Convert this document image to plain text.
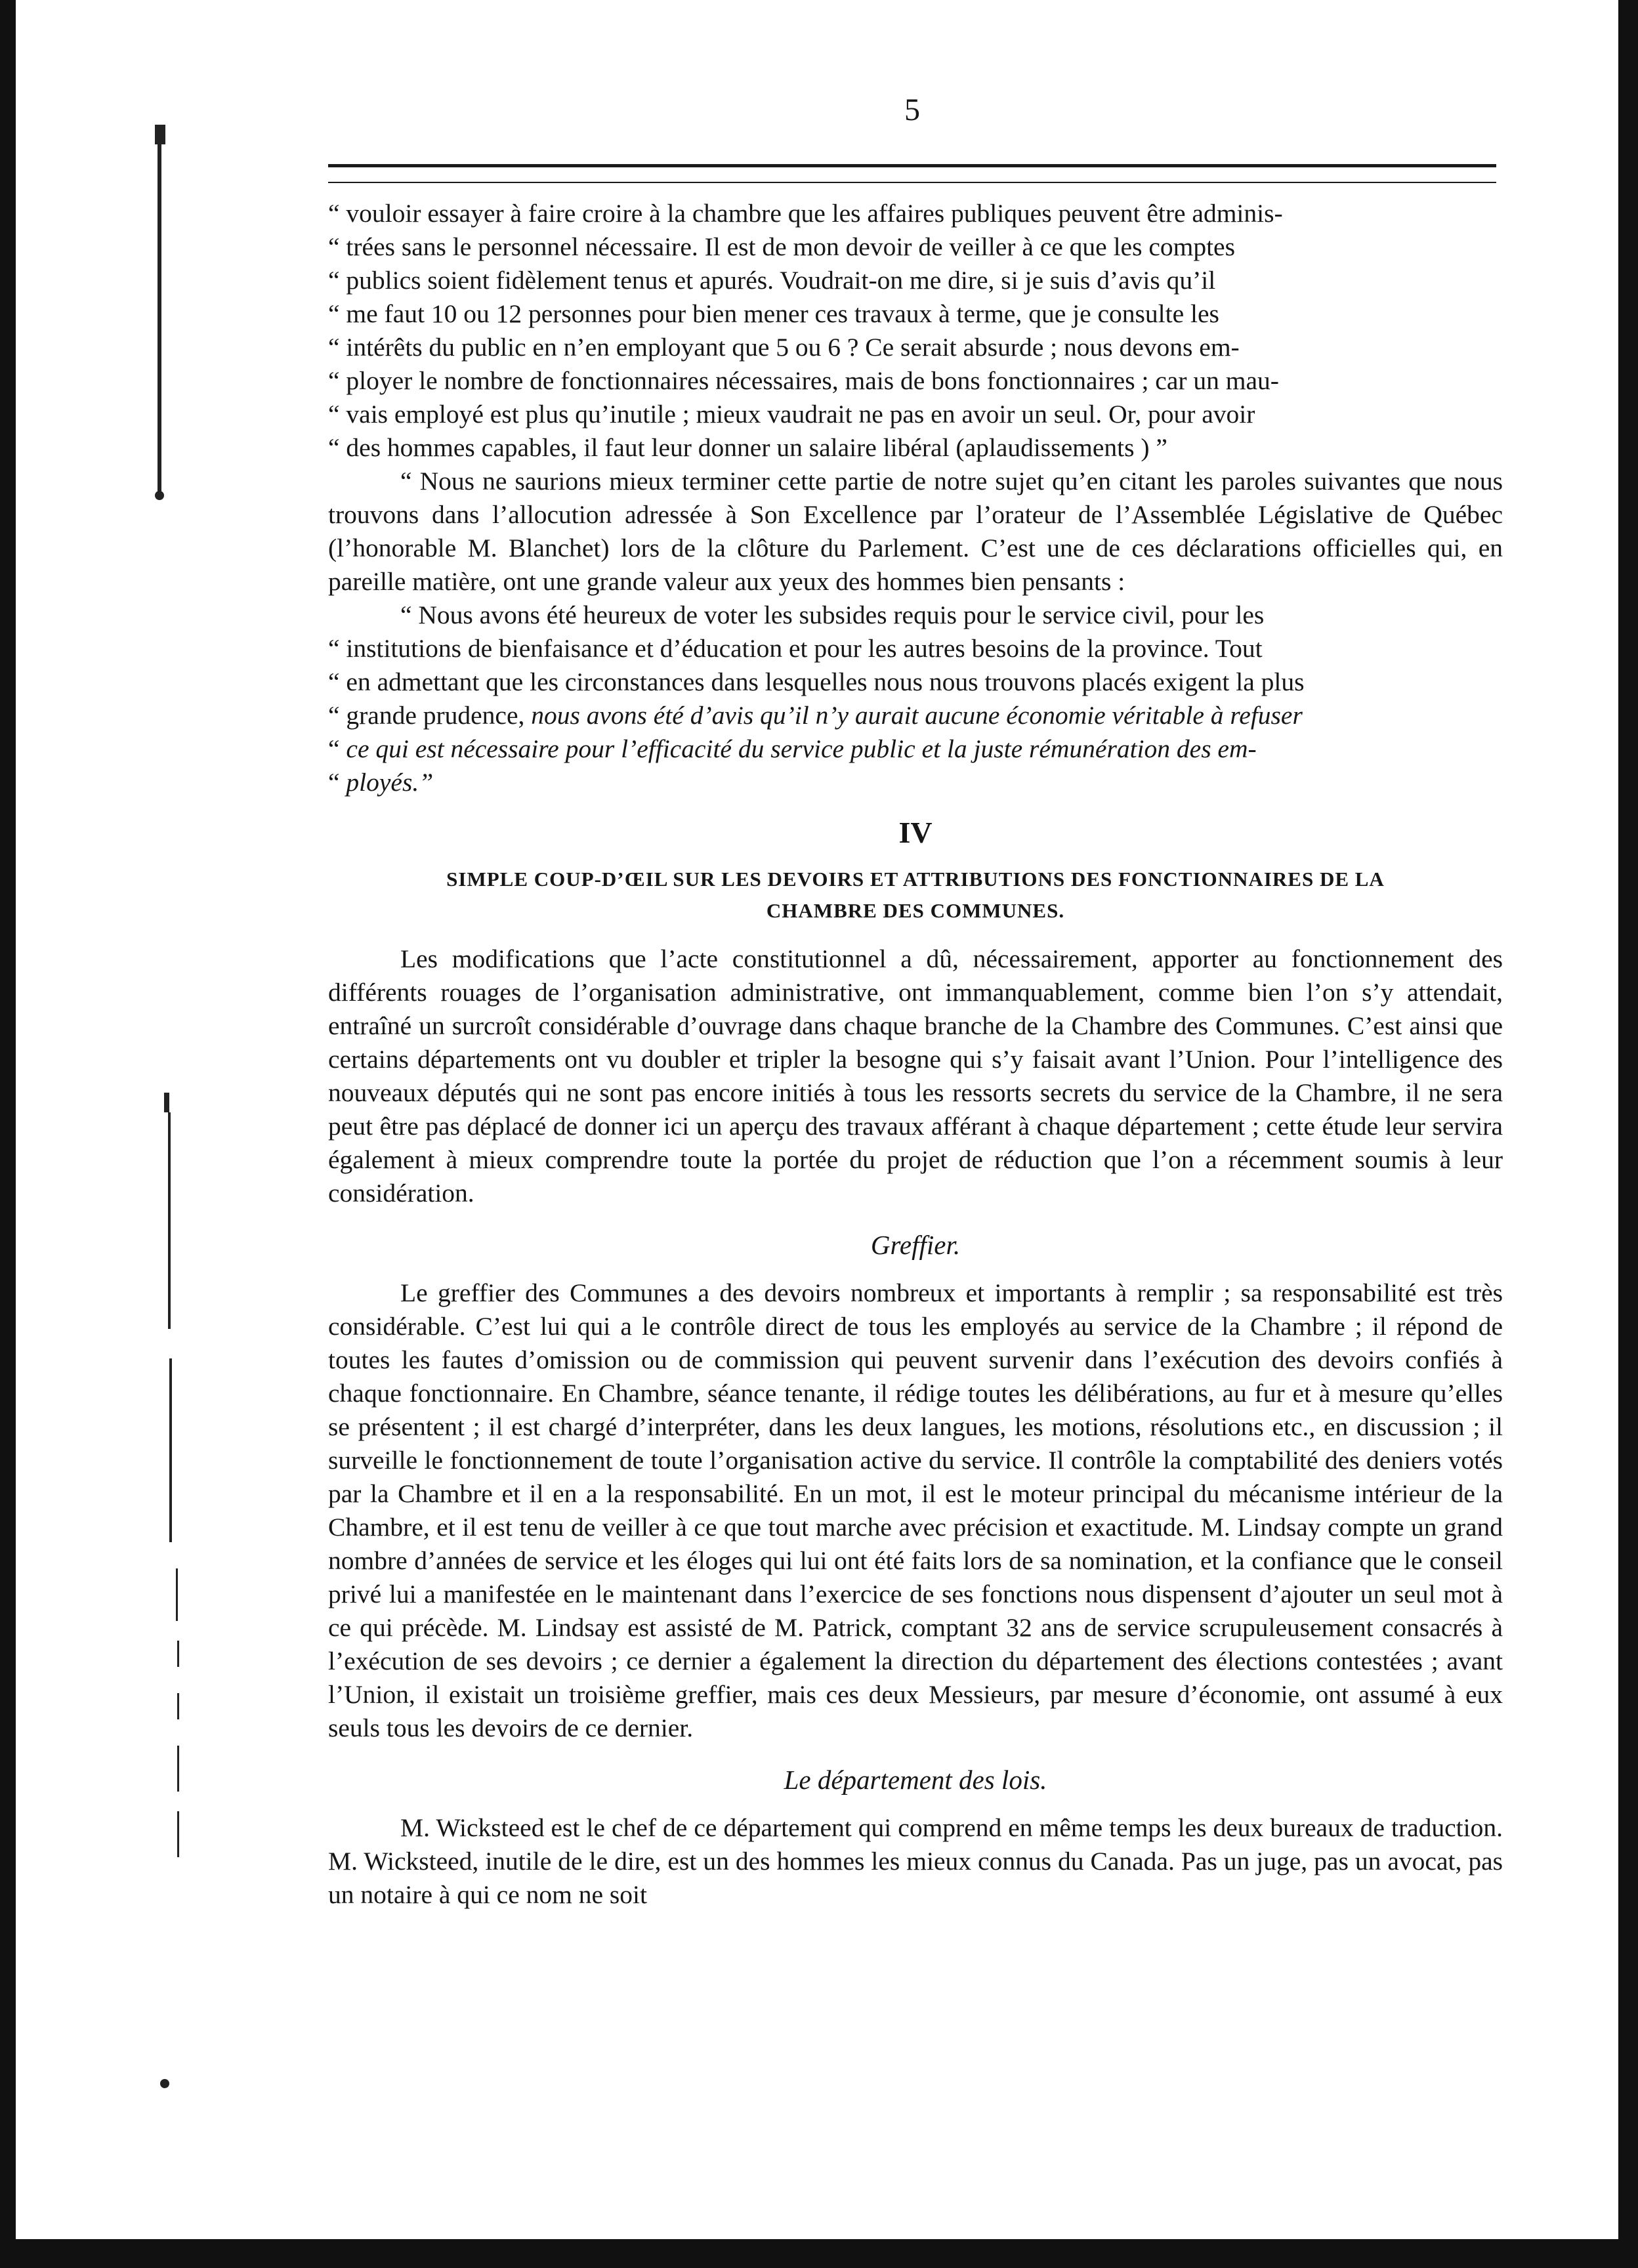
5
“ vouloir essayer à faire croire à la chambre que les affaires publiques peuvent être adminis-
“ trées sans le personnel nécessaire. Il est de mon devoir de veiller à ce que les comptes
“ publics soient fidèlement tenus et apurés. Voudrait-on me dire, si je suis d’avis qu’il
“ me faut 10 ou 12 personnes pour bien mener ces travaux à terme, que je consulte les
“ intérêts du public en n’en employant que 5 ou 6 ? Ce serait absurde ; nous devons em-
“ ployer le nombre de fonctionnaires nécessaires, mais de bons fonctionnaires ; car un mau-
“ vais employé est plus qu’inutile ; mieux vaudrait ne pas en avoir un seul. Or, pour avoir
“ des hommes capables, il faut leur donner un salaire libéral (aplaudissements ) ”

“ Nous ne saurions mieux terminer cette partie de notre sujet qu’en citant les paroles suivantes que nous trouvons dans l’allocution adressée à Son Excellence par l’orateur de l’Assemblée Législative de Québec (l’honorable M. Blanchet) lors de la clôture du Parlement. C’est une de ces déclarations officielles qui, en pareille matière, ont une grande valeur aux yeux des hommes bien pensants :

“ Nous avons été heureux de voter les subsides requis pour le service civil, pour les
“ institutions de bienfaisance et d’éducation et pour les autres besoins de la province. Tout
“ en admettant que les circonstances dans lesquelles nous nous trouvons placés exigent la plus
“ grande prudence, nous avons été d’avis qu’il n’y aurait aucune économie véritable à refuser
“ ce qui est nécessaire pour l’efficacité du service public et la juste rémunération des em-
“ ployés.”
IV
SIMPLE COUP-D’ŒIL SUR LES DEVOIRS ET ATTRIBUTIONS DES FONCTIONNAIRES DE LA
CHAMBRE DES COMMUNES.

Les modifications que l’acte constitutionnel a dû, nécessairement, apporter au fonctionnement des différents rouages de l’organisation administrative, ont immanquablement, comme bien l’on s’y attendait, entraîné un surcroît considérable d’ouvrage dans chaque branche de la Chambre des Communes. C’est ainsi que certains départements ont vu doubler et tripler la besogne qui s’y faisait avant l’Union. Pour l’intelligence des nouveaux députés qui ne sont pas encore initiés à tous les ressorts secrets du service de la Chambre, il ne sera peut être pas déplacé de donner ici un aperçu des travaux afférant à chaque département ; cette étude leur servira également à mieux comprendre toute la portée du projet de réduction que l’on a récemment soumis à leur considération.

Greffier.

Le greffier des Communes a des devoirs nombreux et importants à remplir ; sa responsabilité est très considérable. C’est lui qui a le contrôle direct de tous les employés au service de la Chambre ; il répond de toutes les fautes d’omission ou de commission qui peuvent survenir dans l’exécution des devoirs confiés à chaque fonctionnaire. En Chambre, séance tenante, il rédige toutes les délibérations, au fur et à mesure qu’elles se présentent ; il est chargé d’interpréter, dans les deux langues, les motions, résolutions etc., en discussion ; il surveille le fonctionnement de toute l’organisation active du service. Il contrôle la comptabilité des deniers votés par la Chambre et il en a la responsabilité. En un mot, il est le moteur principal du mécanisme intérieur de la Chambre, et il est tenu de veiller à ce que tout marche avec précision et exactitude. M. Lindsay compte un grand nombre d’années de service et les éloges qui lui ont été faits lors de sa nomination, et la confiance que le conseil privé lui a manifestée en le maintenant dans l’exercice de ses fonctions nous dispensent d’ajouter un seul mot à ce qui précède. M. Lindsay est assisté de M. Patrick, comptant 32 ans de service scrupuleusement consacrés à l’exécution de ses devoirs ; ce dernier a également la direction du département des élections contestées ; avant l’Union, il existait un troisième greffier, mais ces deux Messieurs, par mesure d’économie, ont assumé à eux seuls tous les devoirs de ce dernier.

Le département des lois.

M. Wicksteed est le chef de ce département qui comprend en même temps les deux bureaux de traduction. M. Wicksteed, inutile de le dire, est un des hommes les mieux connus du Canada. Pas un juge, pas un avocat, pas un notaire à qui ce nom ne soit
